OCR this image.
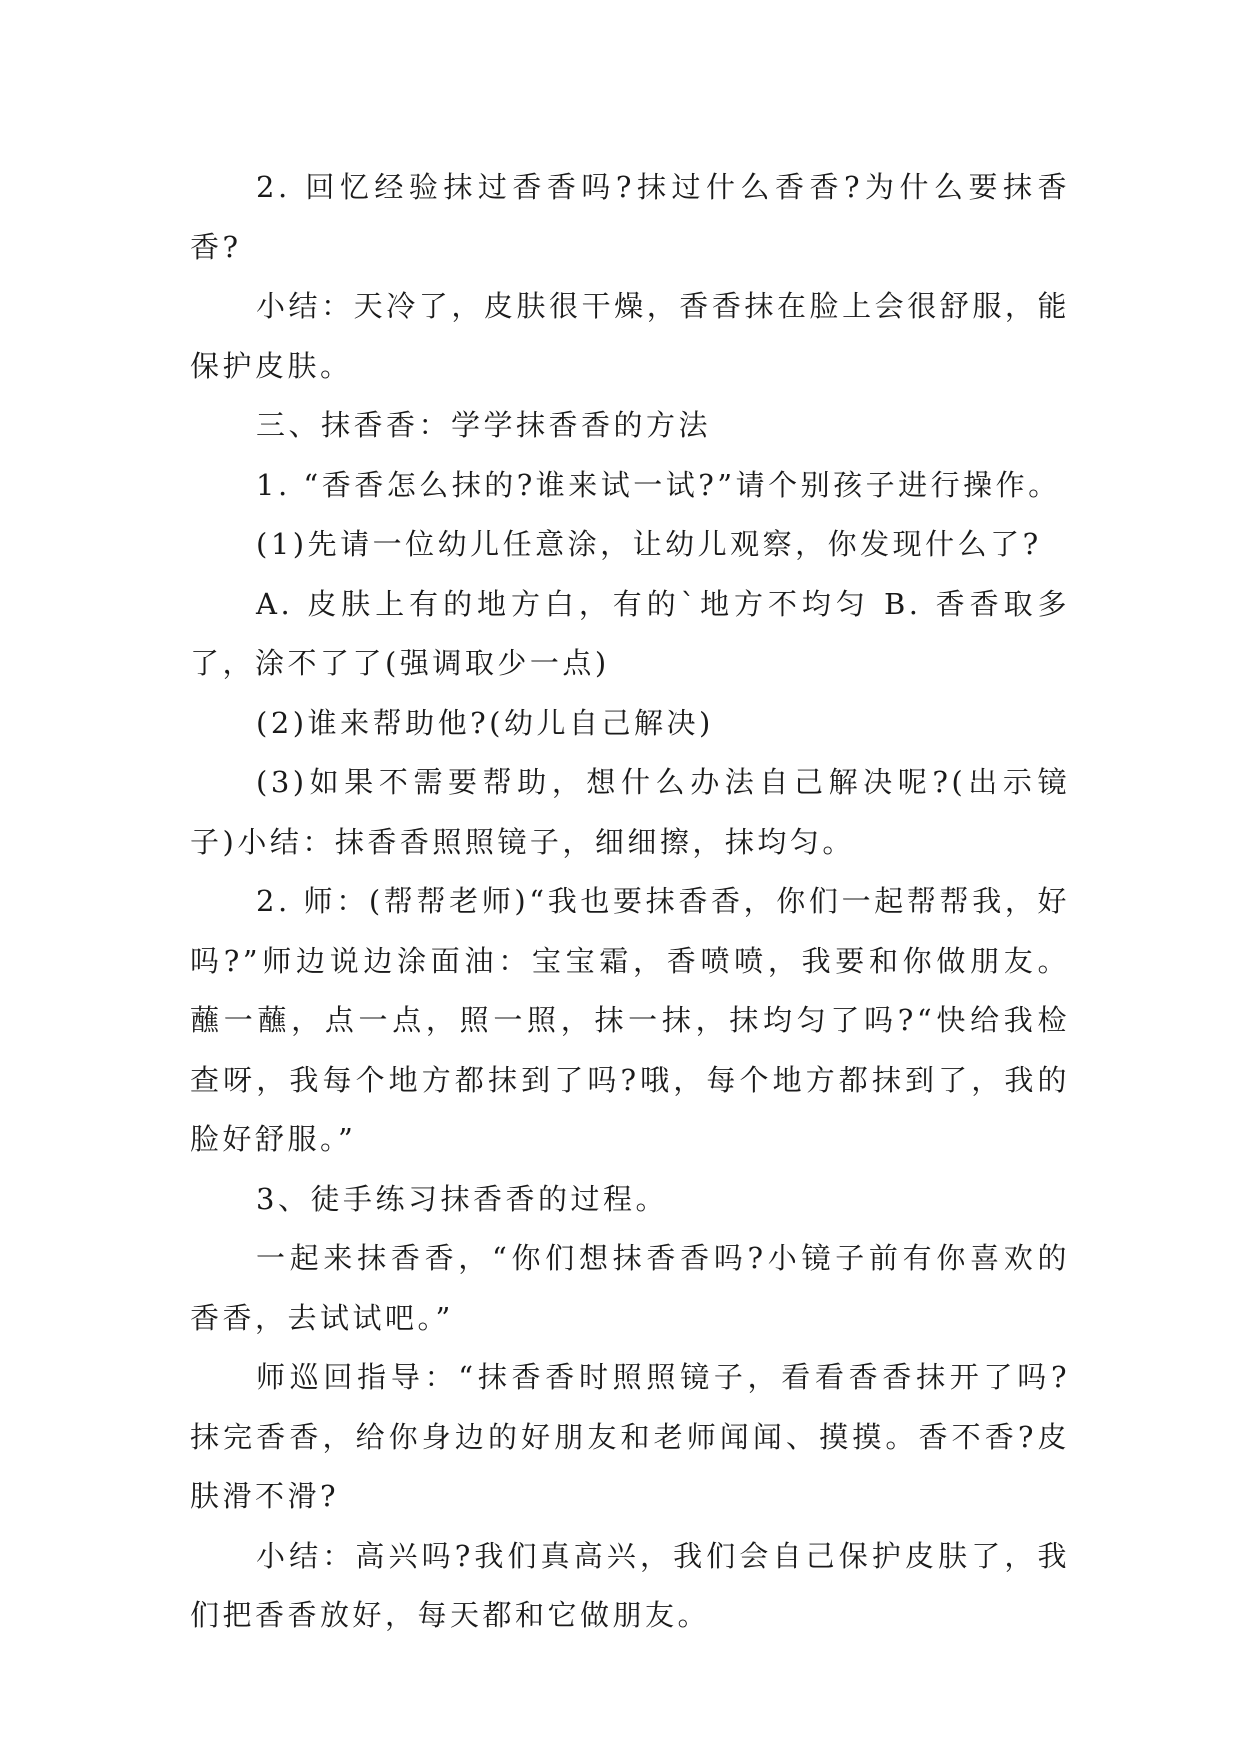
2. 回忆经验抹过香香吗?抹过什么香香?为什么要抹香香?

小结：天冷了，皮肤很干燥，香香抹在脸上会很舒服，能保护皮肤。

三、抹香香：学学抹香香的方法

1. “香香怎么抹的?谁来试一试?”请个别孩子进行操作。

(1)先请一位幼儿任意涂，让幼儿观察，你发现什么了?

A. 皮肤上有的地方白，有的`地方不均匀 B. 香香取多了，涂不了了(强调取少一点)

(2)谁来帮助他?(幼儿自己解决)

(3)如果不需要帮助，想什么办法自己解决呢?(出示镜子)小结：抹香香照照镜子，细细擦，抹均匀。

2. 师：(帮帮老师)“我也要抹香香，你们一起帮帮我，好吗?”师边说边涂面油：宝宝霜，香喷喷，我要和你做朋友。蘸一蘸，点一点，照一照，抹一抹，抹均匀了吗?“快给我检查呀，我每个地方都抹到了吗?哦，每个地方都抹到了，我的脸好舒服。”

3、徒手练习抹香香的过程。

一起来抹香香，“你们想抹香香吗?小镜子前有你喜欢的香香，去试试吧。”

师巡回指导：“抹香香时照照镜子，看看香香抹开了吗?抹完香香，给你身边的好朋友和老师闻闻、摸摸。香不香?皮肤滑不滑?

小结：高兴吗?我们真高兴，我们会自己保护皮肤了，我们把香香放好，每天都和它做朋友。
